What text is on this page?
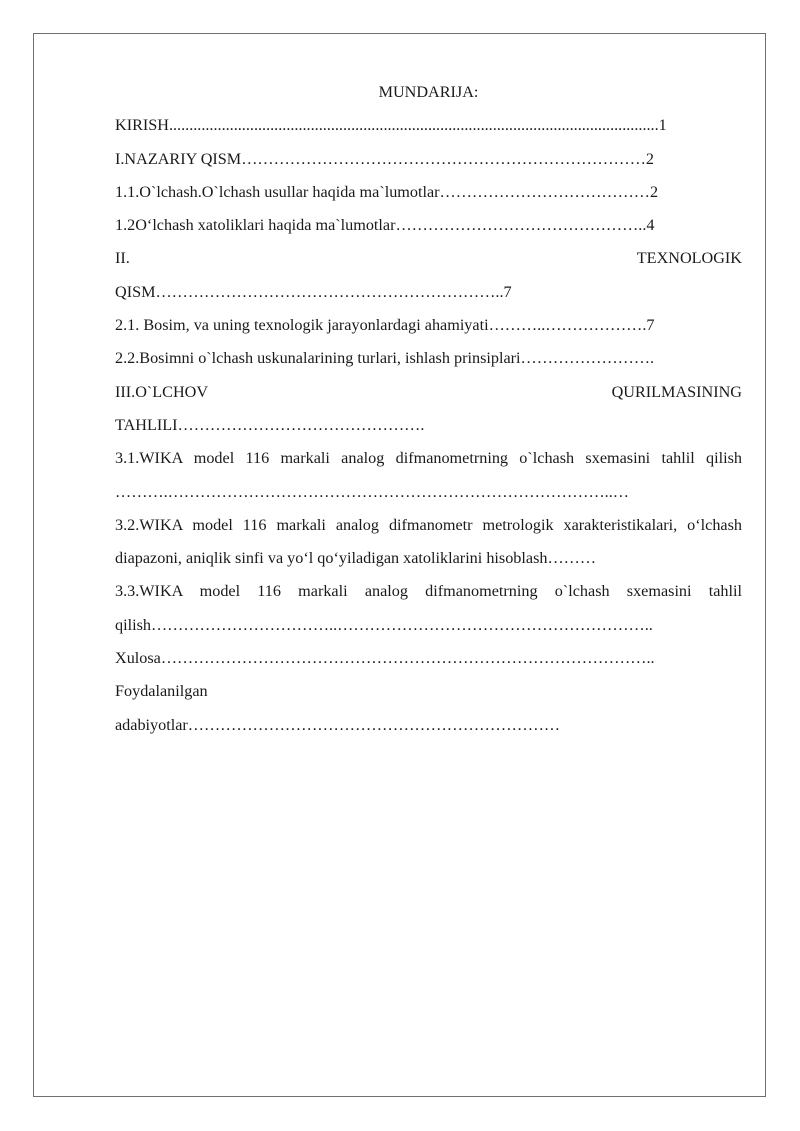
MUNDARIJA:

KIRISH.........................................................................................................................1

I.NAZARIY QISM…………………………………………………………………2

1.1.O`lchash.O`lchash usullar haqida ma`lumotlar…………………………………2

1.2O‘lchash xatoliklari haqida ma`lumotlar………………………………………..4

II.	TEXNOLOGIK

QISM………………………………………………………..7

2.1. Bosim, va uning texnologik jarayonlardagi ahamiyati………..……………….7

2.2.Bosimni o`lchash uskunalarining turlari, ishlash prinsiplari…………………….

III.O`LCHOV	QURILMASINING

TAHLILI……………………………………….

3.1.WIKA model 116 markali analog difmanometrning o`lchash sxemasini tahlil qilish ……….………………………………………………………………………..…

3.2.WIKA model 116 markali analog difmanometr metrologik xarakteristikalari, o‘lchash diapazoni, aniqlik sinfi va yo‘l qo‘yiladigan xatoliklarini hisoblash………

3.3.WIKA model 116 markali analog difmanometrning o`lchash sxemasini tahlil qilish……………………………..…………………………………………………..

Xulosa………………………………………………………………………………..

Foydalanilgan

adabiyotlar……………………………………………………………
